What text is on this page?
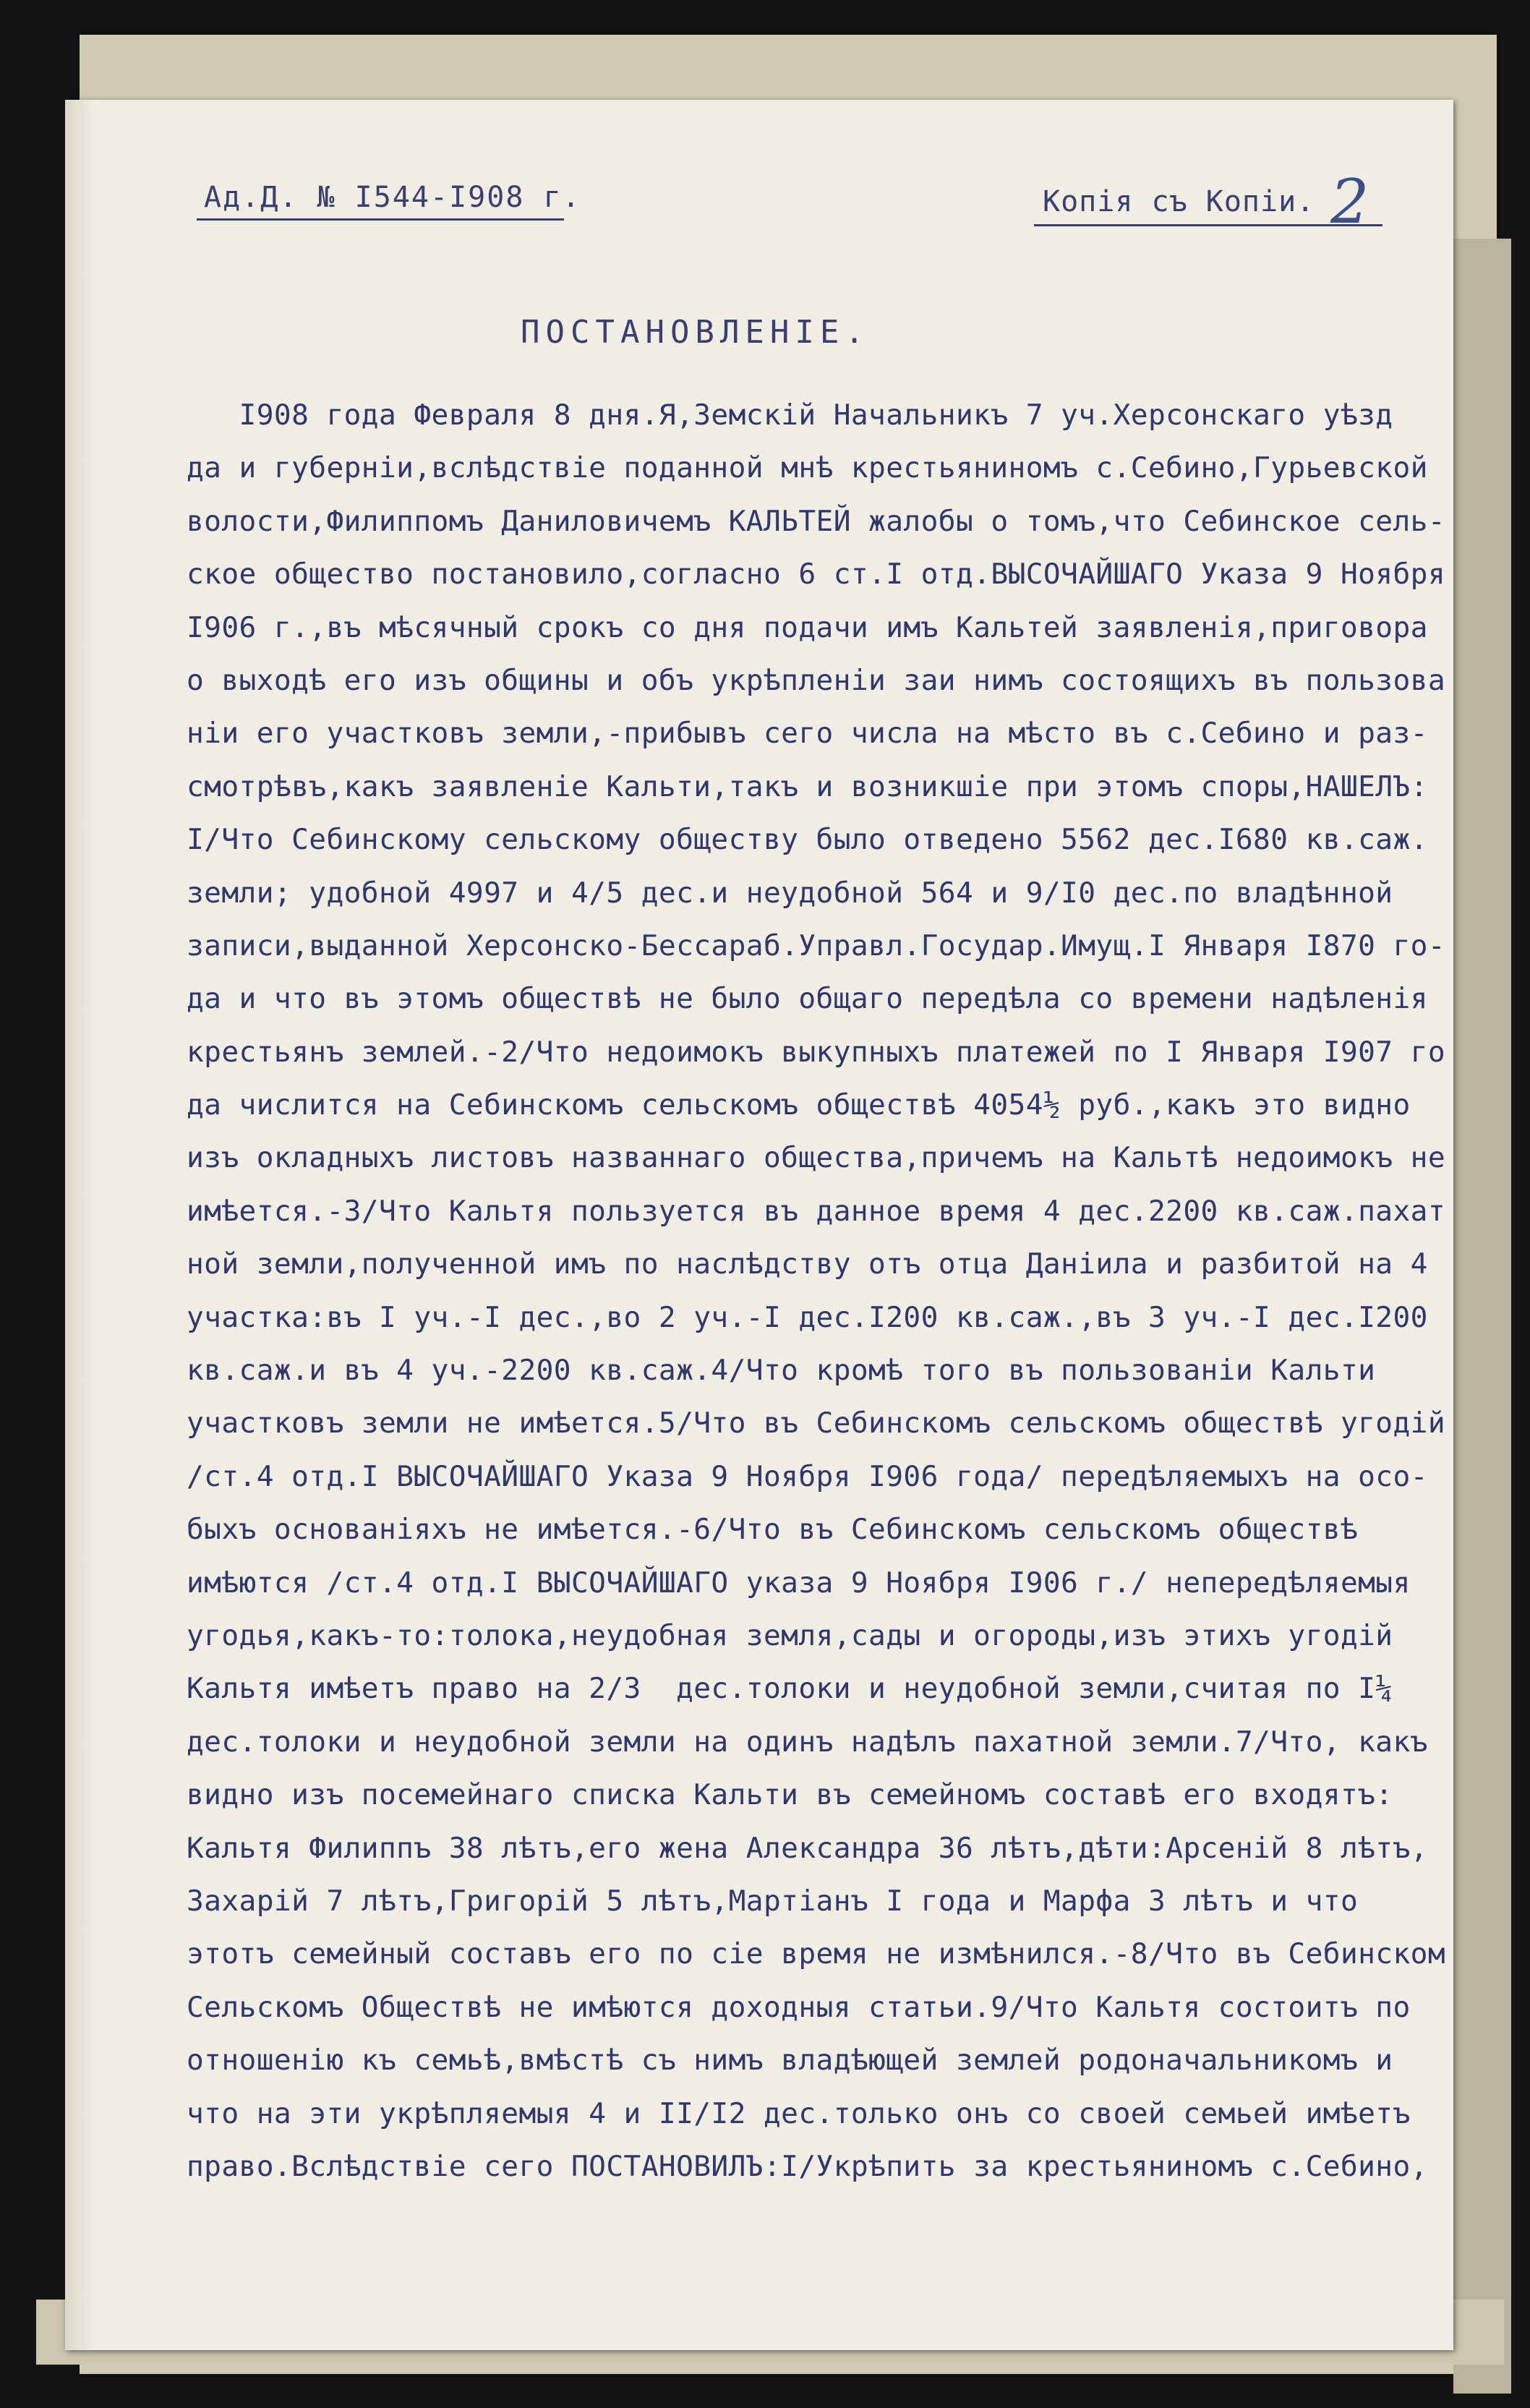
Ад.Д. № I544-I908 г.	Копія съ Копіи. 2
ПОСТАНОВЛЕНІЕ.
I908 года Февраля 8 дня.Я,Земскій Начальникъ 7 уч.Херсонскаго уѣзд
да и губерніи,вслѣдствіе поданной мнѣ крестьяниномъ с.Себино,Гурьевской
волости,Филиппомъ Даниловичемъ КАЛЬТЕЙ жалобы о томъ,что Себинское сель-
ское общество постановило,согласно 6 ст.I отд.ВЫСОЧАЙШАГО Указа 9 Ноября
I906 г.,въ мѣсячный срокъ со дня подачи имъ Кальтей заявленія,приговора
о выходѣ его изъ общины и объ укрѣпленіи заи нимъ состоящихъ въ пользова
ніи его участковъ земли,-прибывъ сего числа на мѣсто въ с.Себино и раз-
смотрѣвъ,какъ заявленіе Кальти,такъ и возникшіе при этомъ споры,НАШЕЛЪ:
I/Что Себинскому сельскому обществу было отведено 5562 дес.I680 кв.саж.
земли; удобной 4997 и 4/5 дес.и неудобной 564 и 9/I0 дес.по владѣнной
записи,выданной Херсонско-Бессараб.Управл.Государ.Имущ.I Января I870 го-
да и что въ этомъ обществѣ не было общаго передѣла со времени надѣленія
крестьянъ землей.-2/Что недоимокъ выкупныхъ платежей по I Января I907 го
да числится на Себинскомъ сельскомъ обществѣ 4054½ руб.,какъ это видно
изъ окладныхъ листовъ названнаго общества,причемъ на Кальтѣ недоимокъ не
имѣется.-3/Что Кальтя пользуется въ данное время 4 дес.2200 кв.саж.пахат
ной земли,полученной имъ по наслѣдству отъ отца Даніила и разбитой на 4
участка:въ I уч.-I дес.,во 2 уч.-I дес.I200 кв.саж.,въ 3 уч.-I дес.I200
кв.саж.и въ 4 уч.-2200 кв.саж.4/Что кромѣ того въ пользованіи Кальти
участковъ земли не имѣется.5/Что въ Себинскомъ сельскомъ обществѣ угодій
/ст.4 отд.I ВЫСОЧАЙШАГО Указа 9 Ноября I906 года/ передѣляемыхъ на осо-
быхъ основаніяхъ не имѣется.-6/Что въ Себинскомъ сельскомъ обществѣ
имѣются /ст.4 отд.I ВЫСОЧАЙШАГО указа 9 Ноября I906 г./ непередѣляемыя
угодья,какъ-то:толока,неудобная земля,сады и огороды,изъ этихъ угодій
Кальтя имѣетъ право на 2/3  дес.толоки и неудобной земли,считая по I¼
дес.толоки и неудобной земли на одинъ надѣлъ пахатной земли.7/Что, какъ
видно изъ посемейнаго списка Кальти въ семейномъ составѣ его входятъ:
Кальтя Филиппъ 38 лѣтъ,его жена Александра 36 лѣтъ,дѣти:Арсеній 8 лѣтъ,
Захарій 7 лѣтъ,Григорій 5 лѣтъ,Мартіанъ I года и Марфа 3 лѣтъ и что
этотъ семейный составъ его по сіе время не измѣнился.-8/Что въ Себинском
Сельскомъ Обществѣ не имѣются доходныя статьи.9/Что Кальтя состоитъ по
отношенію къ семьѣ,вмѣстѣ съ нимъ владѣющей землей родоначальникомъ и
что на эти укрѣпляемыя 4 и II/I2 дес.только онъ со своей семьей имѣетъ
право.Вслѣдствіе сего ПОСТАНОВИЛЪ:I/Укрѣпить за крестьяниномъ с.Себино,
